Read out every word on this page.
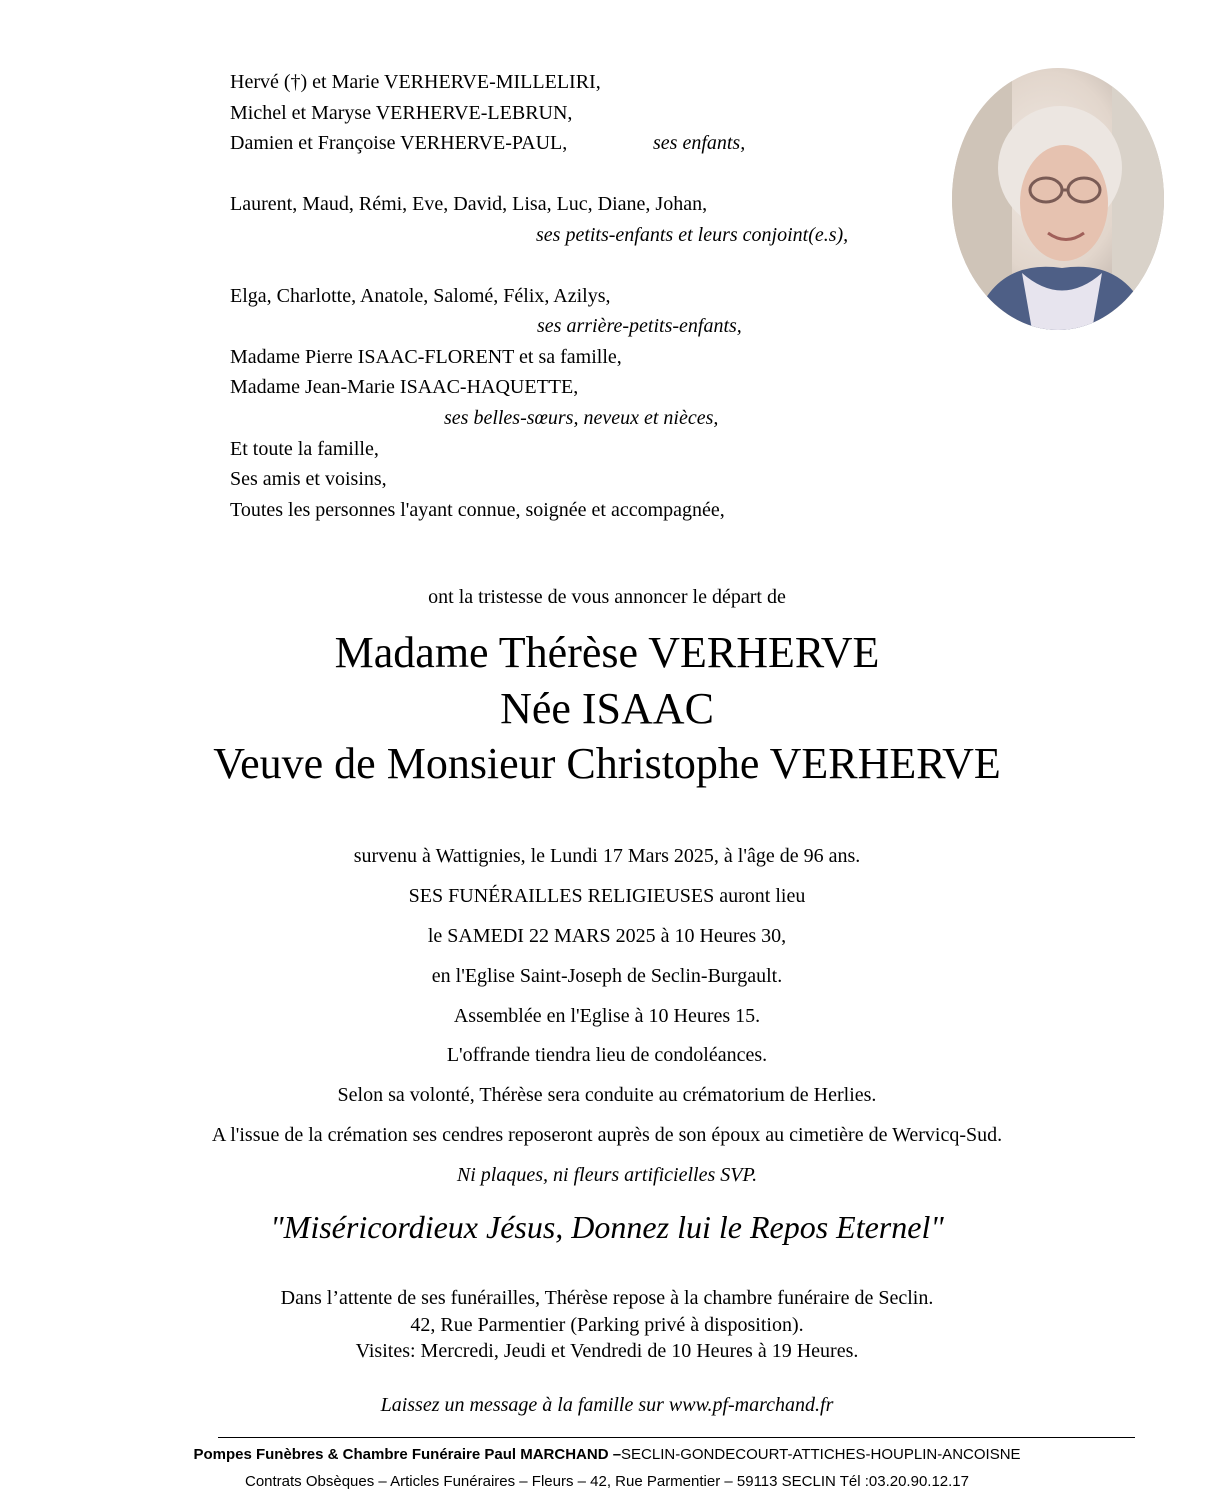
Hervé (†) et Marie VERHERVE-MILLELIRI,

Michel et Maryse VERHERVE-LEBRUN,

Damien et Françoise VERHERVE-PAUL,	ses enfants,

Laurent, Maud, Rémi, Eve, David, Lisa, Luc, Diane, Johan,

ses petits-enfants et leurs conjoint(e.s),

Elga, Charlotte, Anatole, Salomé, Félix, Azilys,

ses arrière-petits-enfants,

Madame Pierre ISAAC-FLORENT et sa famille,

Madame Jean-Marie ISAAC-HAQUETTE,

ses belles-sœurs, neveux et nièces,

Et toute la famille,

Ses amis et voisins,

Toutes les personnes l'ayant connue, soignée et accompagnée,

ont la tristesse de vous annoncer le départ de

Madame Thérèse VERHERVE

Née ISAAC

Veuve de Monsieur Christophe VERHERVE

survenu à Wattignies, le Lundi 17 Mars 2025, à l'âge de 96 ans.

SES FUNÉRAILLES RELIGIEUSES auront lieu

le SAMEDI 22 MARS 2025 à 10 Heures 30,

en l'Eglise Saint-Joseph de Seclin-Burgault.

Assemblée en l'Eglise à 10 Heures 15.

L'offrande tiendra lieu de condoléances.

Selon sa volonté, Thérèse sera conduite au crématorium de Herlies.

A l'issue de la crémation ses cendres reposeront auprès de son époux au cimetière de Wervicq-Sud.

Ni plaques, ni fleurs artificielles SVP.

"Miséricordieux Jésus, Donnez lui le Repos Eternel"

Dans l’attente de ses funérailles, Thérèse repose à la chambre funéraire de Seclin.

42, Rue Parmentier (Parking privé à disposition).

Visites: Mercredi, Jeudi et Vendredi de 10 Heures à 19 Heures.

Laissez un message à la famille sur www.pf-marchand.fr

Pompes Funèbres & Chambre Funéraire Paul MARCHAND –SECLIN-GONDECOURT-ATTICHES-HOUPLIN-ANCOISNE

Contrats Obsèques – Articles Funéraires – Fleurs – 42, Rue Parmentier – 59113 SECLIN Tél :03.20.90.12.17
